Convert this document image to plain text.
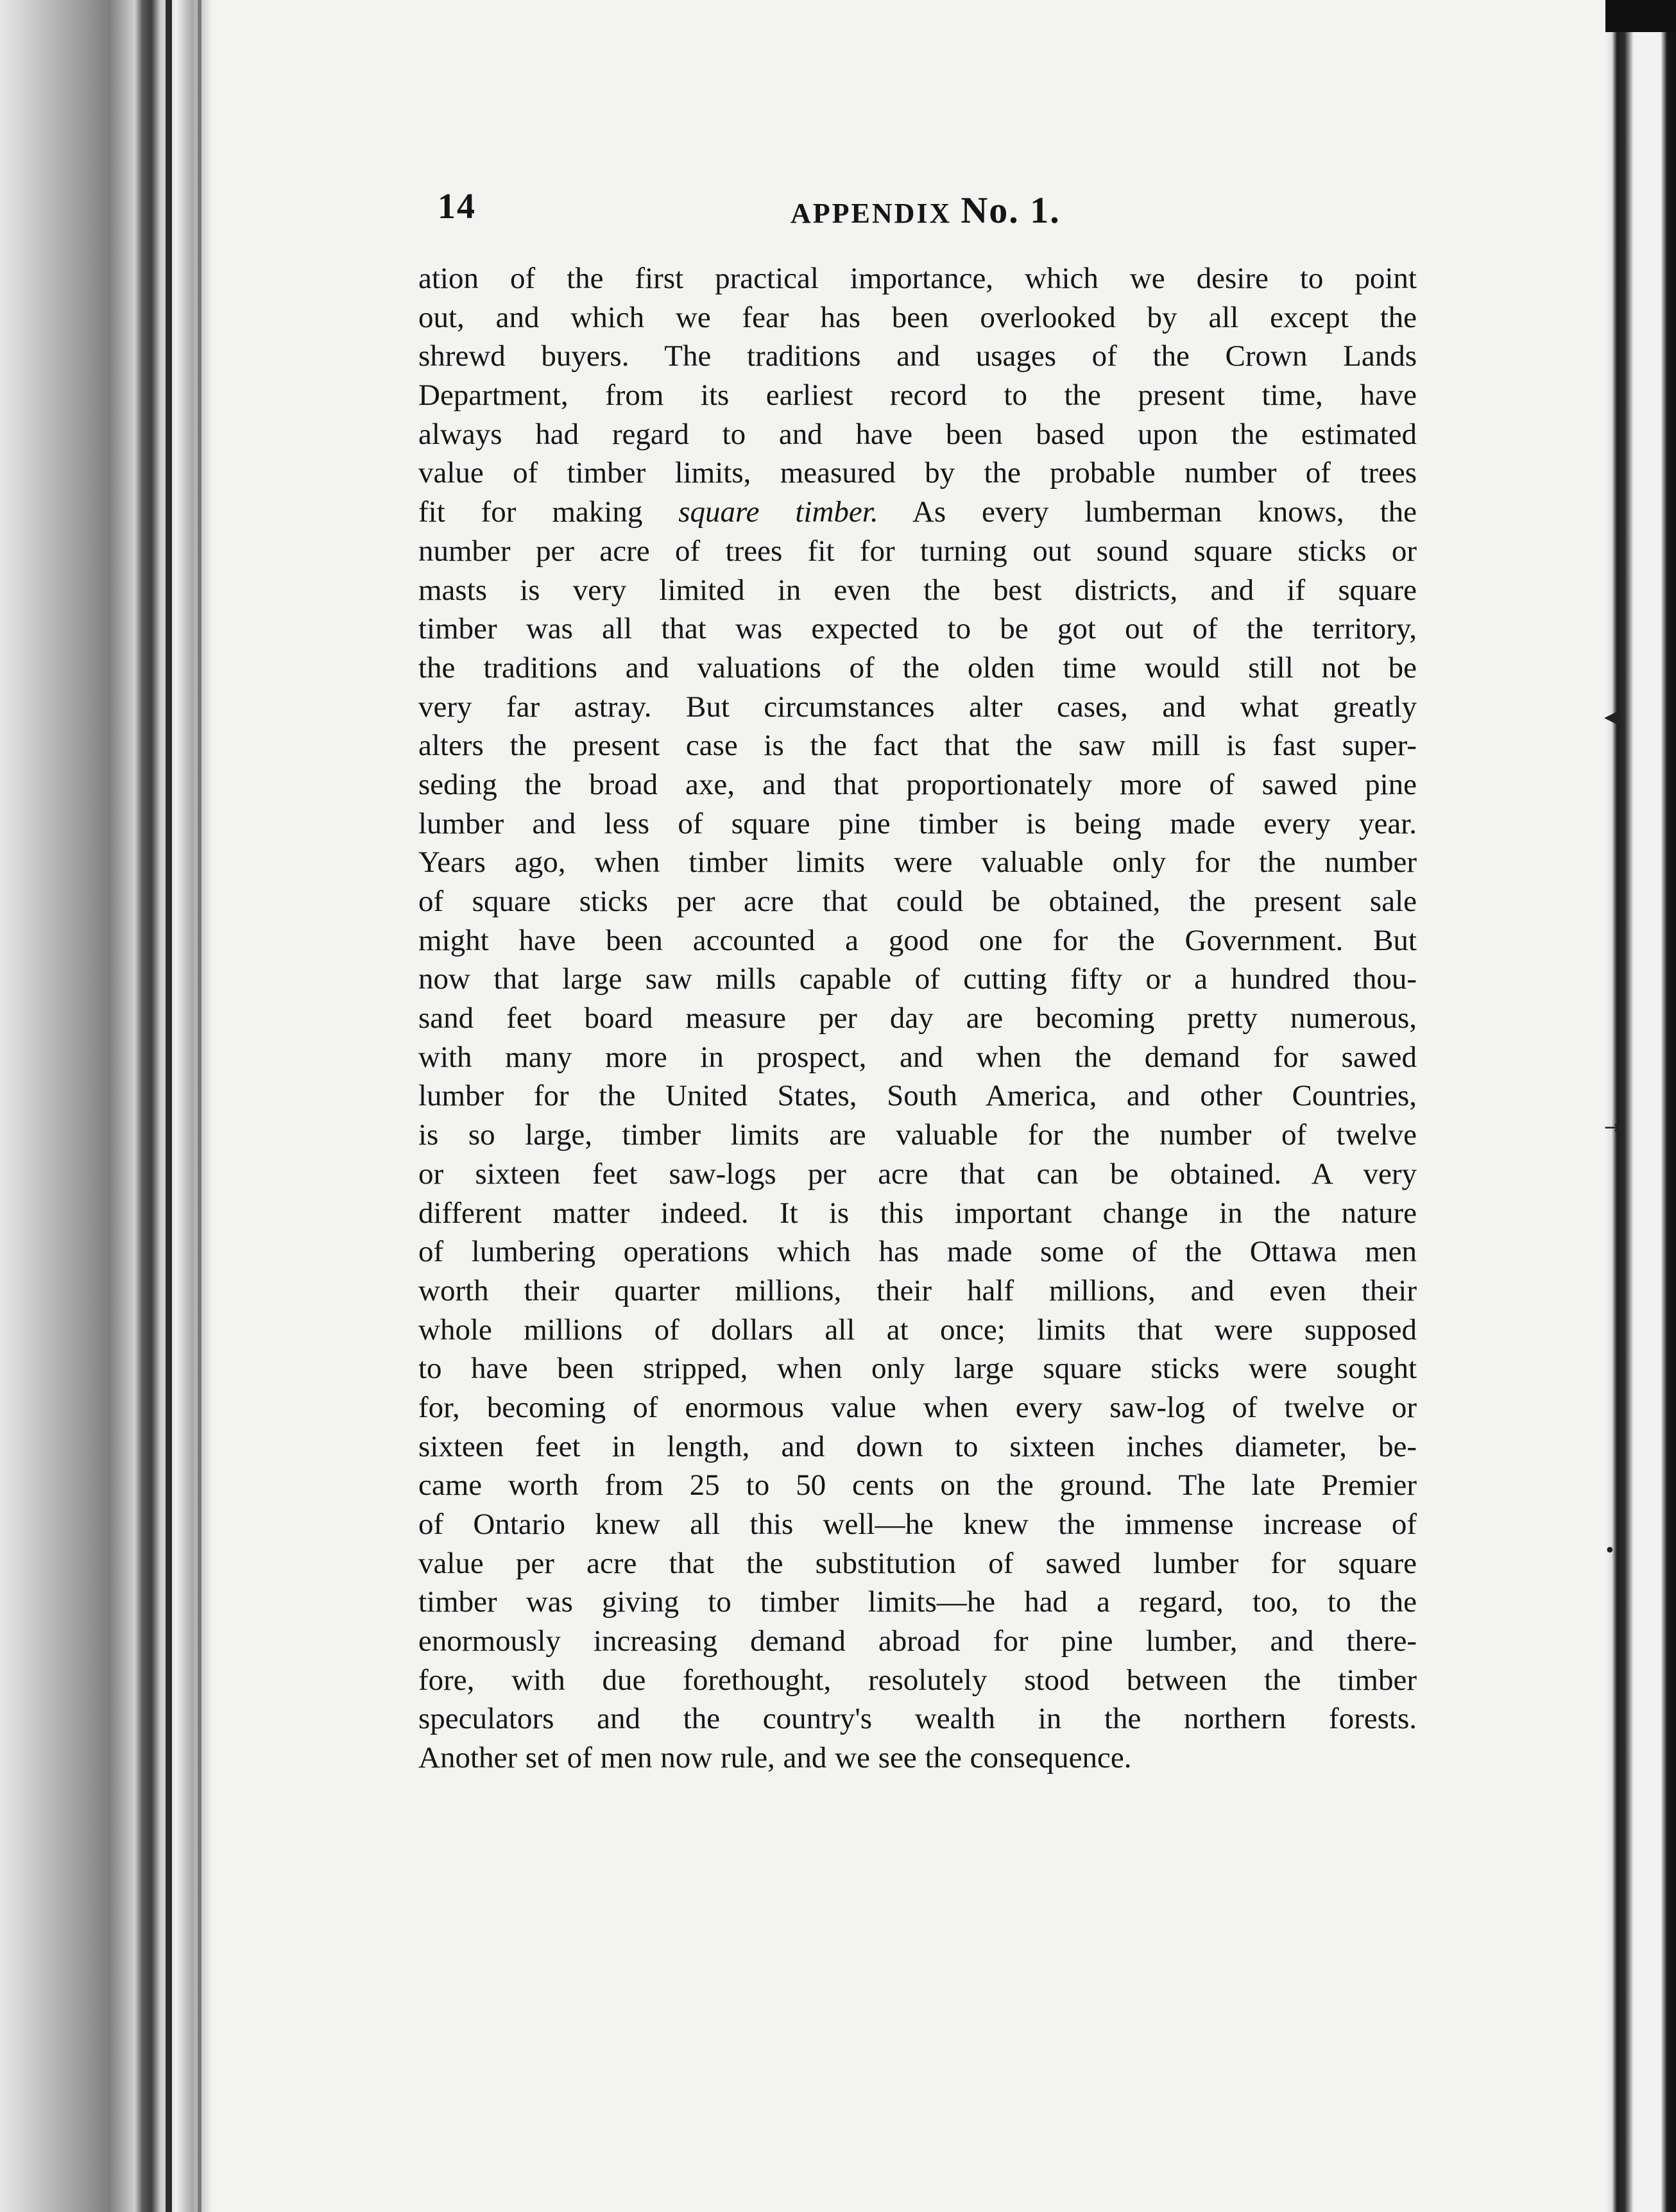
◀
→
•
14	APPENDIX No. 1.
ation of the first practical importance, which we desire to point
out, and which we fear has been overlooked by all except the
shrewd buyers. The traditions and usages of the Crown Lands
Department, from its earliest record to the present time, have
always had regard to and have been based upon the estimated
value of timber limits, measured by the probable number of trees
fit for making square timber. As every lumberman knows, the
number per acre of trees fit for turning out sound square sticks or
masts is very limited in even the best districts, and if square
timber was all that was expected to be got out of the territory,
the traditions and valuations of the olden time would still not be
very far astray. But circumstances alter cases, and what greatly
alters the present case is the fact that the saw mill is fast super-
seding the broad axe, and that proportionately more of sawed pine
lumber and less of square pine timber is being made every year.
Years ago, when timber limits were valuable only for the number
of square sticks per acre that could be obtained, the present sale
might have been accounted a good one for the Government. But
now that large saw mills capable of cutting fifty or a hundred thou-
sand feet board measure per day are becoming pretty numerous,
with many more in prospect, and when the demand for sawed
lumber for the United States, South America, and other Countries,
is so large, timber limits are valuable for the number of twelve
or sixteen feet saw-logs per acre that can be obtained. A very
different matter indeed. It is this important change in the nature
of lumbering operations which has made some of the Ottawa men
worth their quarter millions, their half millions, and even their
whole millions of dollars all at once; limits that were supposed
to have been stripped, when only large square sticks were sought
for, becoming of enormous value when every saw-log of twelve or
sixteen feet in length, and down to sixteen inches diameter, be-
came worth from 25 to 50 cents on the ground. The late Premier
of Ontario knew all this well—he knew the immense increase of
value per acre that the substitution of sawed lumber for square
timber was giving to timber limits—he had a regard, too, to the
enormously increasing demand abroad for pine lumber, and there-
fore, with due forethought, resolutely stood between the timber
speculators and the country's wealth in the northern forests.
Another set of men now rule, and we see the consequence.
